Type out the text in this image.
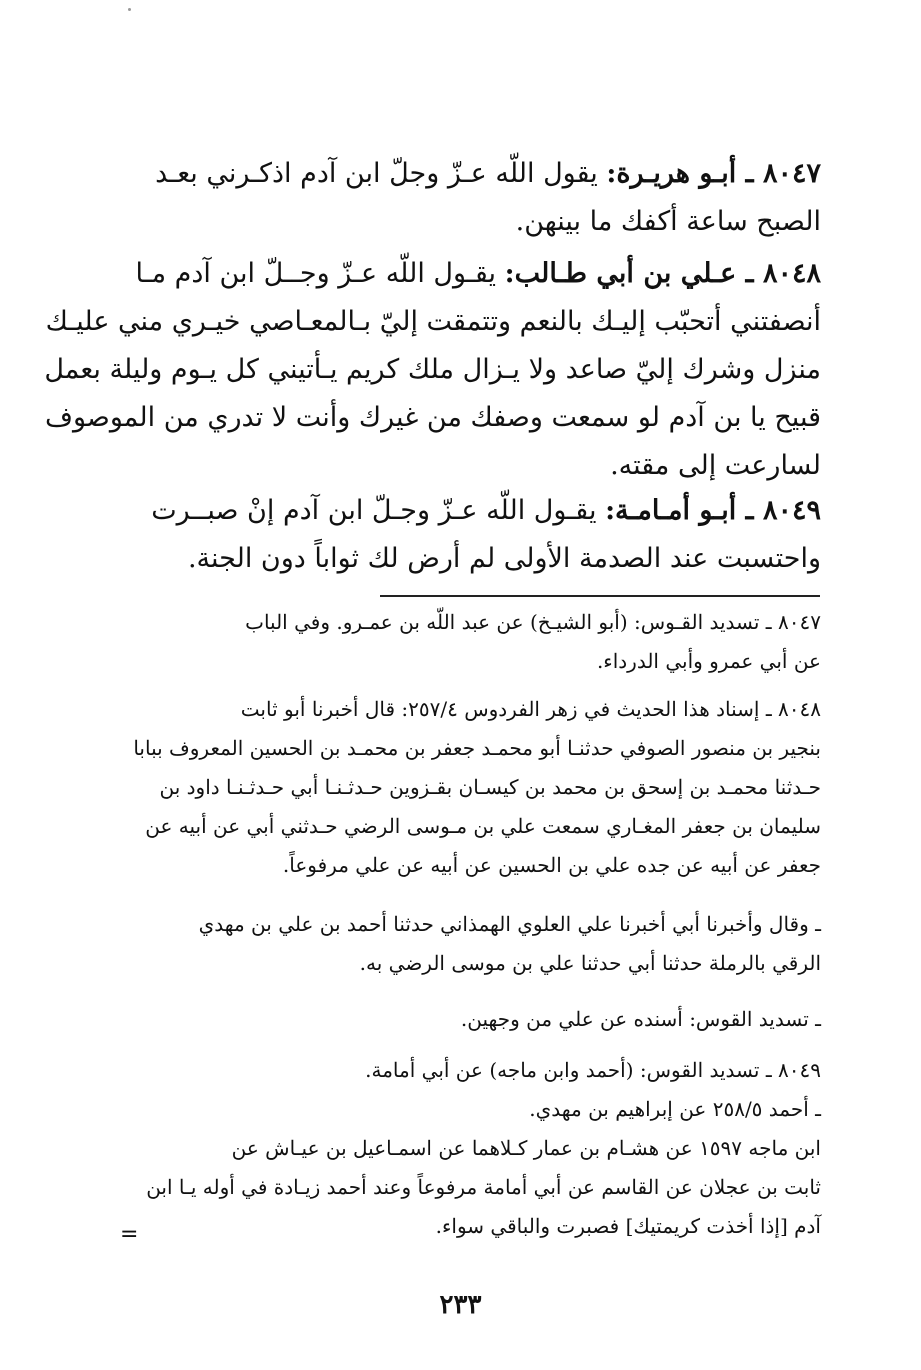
٨٠٤٧ ـ أبـو هريـرة: يقول اللّه عـزّ وجلّ ابن آدم اذكـرني بعـد
الصبح ساعة أكفك ما بينهن.
٨٠٤٨ ـ عـلي بن أبي طـالب: يقـول اللّه عـزّ وجــلّ ابن آدم مـا
أنصفتني أتحبّب إليـك بالنعم وتتمقت إليّ بـالمعـاصي خيـري مني عليـك
منزل وشرك إليّ صاعد ولا يـزال ملك كريم يـأتيني كل يـوم وليلة بعمل
قبيح يا بن آدم لو سمعت وصفك من غيرك وأنت لا تدري من الموصوف
لسارعت إلى مقته.
٨٠٤٩ ـ أبـو أمـامـة: يقـول اللّه عـزّ وجـلّ ابن آدم إنْ صبــرت
واحتسبت عند الصدمة الأولى لم أرض لك ثواباً دون الجنة.
٨٠٤٧ ـ تسديد القـوس: (أبو الشيـخ) عن عبد اللّه بن عمـرو. وفي الباب
عن أبي عمرو وأبي الدرداء.
٨٠٤٨ ـ إسناد هذا الحديث في زهر الفردوس ٢٥٧/٤: قال أخبرنا أبو ثابت
بنجير بن منصور الصوفي حدثنـا أبو محمـد جعفر بن محمـد بن الحسين المعروف ببابا
حـدثنا محمـد بن إسحق بن محمد بن كيسـان بقـزوين حـدثـنـا أبي حـدثـنـا داود بن
سليمان بن جعفر المغـاري سمعت علي بن مـوسى الرضي حـدثني أبي عن أبيه عن
جعفر عن أبيه عن جده علي بن الحسين عن أبيه عن علي مرفوعاً.
ـ وقال وأخبرنا أبي أخبرنا علي العلوي الهمذاني حدثنا أحمد بن علي بن مهدي
الرقي بالرملة حدثنا أبي حدثنا علي بن موسى الرضي به.
ـ تسديد القوس: أسنده عن علي من وجهين.
٨٠٤٩ ـ تسديد القوس: (أحمد وابن ماجه) عن أبي أمامة.
ـ أحمد ٢٥٨/٥ عن إبراهيم بن مهدي.
ابن ماجه ١٥٩٧ عن هشـام بن عمار كـلاهما عن اسمـاعيل بن عيـاش عن
ثابت بن عجلان عن القاسم عن أبي أمامة مرفوعاً وعند أحمد زيـادة في أوله يـا ابن
آدم [إذا أخذت كريمتيك] فصبرت والباقي سواء.
=
٢٣٣
